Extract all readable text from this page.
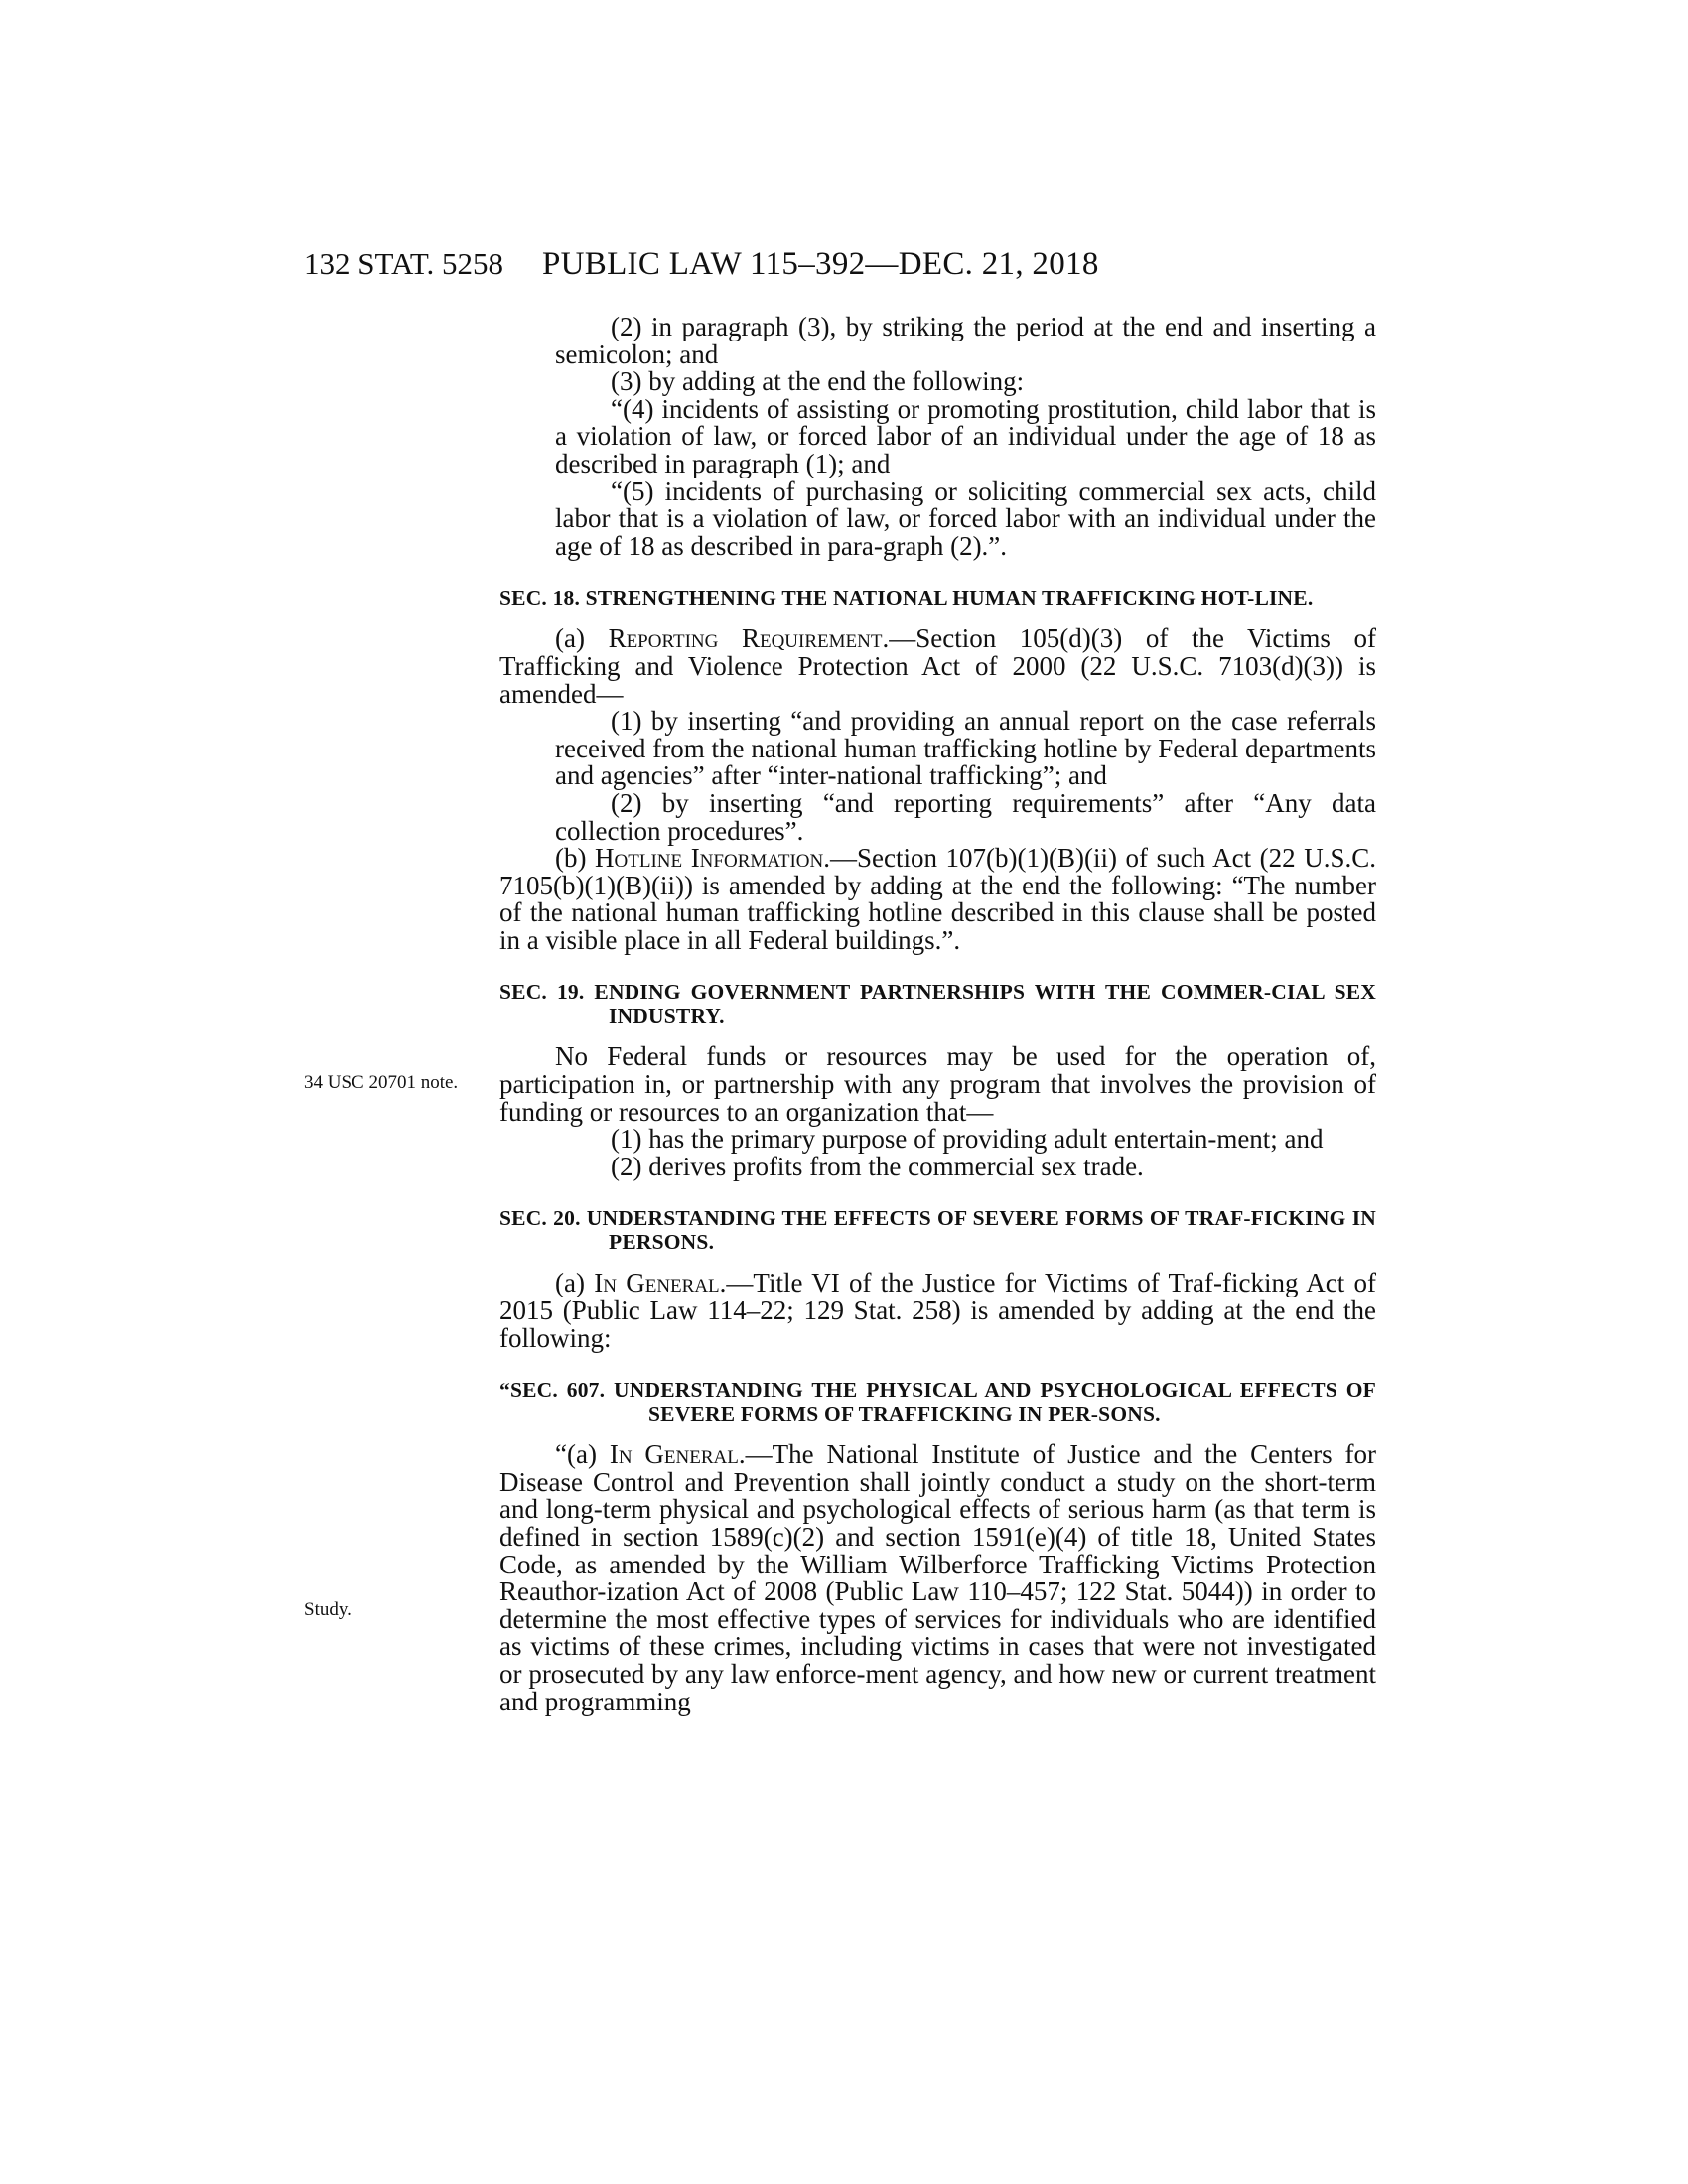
132 STAT. 5258 PUBLIC LAW 115–392—DEC. 21, 2018
34 USC 20701 note.
Study.

(2) in paragraph (3), by striking the period at the end and inserting a semicolon; and

(3) by adding at the end the following:

“(4) incidents of assisting or promoting prostitution, child labor that is a violation of law, or forced labor of an individual under the age of 18 as described in paragraph (1); and

“(5) incidents of purchasing or soliciting commercial sex acts, child labor that is a violation of law, or forced labor with an individual under the age of 18 as described in para-graph (2).”.

SEC. 18. STRENGTHENING THE NATIONAL HUMAN TRAFFICKING HOT-LINE.

(a) Reporting Requirement.—Section 105(d)(3) of the Victims of Trafficking and Violence Protection Act of 2000 (22 U.S.C. 7103(d)(3)) is amended—

(1) by inserting “and providing an annual report on the case referrals received from the national human trafficking hotline by Federal departments and agencies” after “inter-national trafficking”; and

(2) by inserting “and reporting requirements” after “Any data collection procedures”.

(b) Hotline Information.—Section 107(b)(1)(B)(ii) of such Act (22 U.S.C. 7105(b)(1)(B)(ii)) is amended by adding at the end the following: “The number of the national human trafficking hotline described in this clause shall be posted in a visible place in all Federal buildings.”.

SEC. 19. ENDING GOVERNMENT PARTNERSHIPS WITH THE COMMER-CIAL SEX INDUSTRY.

No Federal funds or resources may be used for the operation of, participation in, or partnership with any program that involves the provision of funding or resources to an organization that—

(1) has the primary purpose of providing adult entertain-ment; and

(2) derives profits from the commercial sex trade.

SEC. 20. UNDERSTANDING THE EFFECTS OF SEVERE FORMS OF TRAF-FICKING IN PERSONS.

(a) In General.—Title VI of the Justice for Victims of Traf-ficking Act of 2015 (Public Law 114–22; 129 Stat. 258) is amended by adding at the end the following:

“SEC. 607. UNDERSTANDING THE PHYSICAL AND PSYCHOLOGICAL EFFECTS OF SEVERE FORMS OF TRAFFICKING IN PER-SONS.

“(a) In General.—The National Institute of Justice and the Centers for Disease Control and Prevention shall jointly conduct a study on the short-term and long-term physical and psychological effects of serious harm (as that term is defined in section 1589(c)(2) and section 1591(e)(4) of title 18, United States Code, as amended by the William Wilberforce Trafficking Victims Protection Reauthor-ization Act of 2008 (Public Law 110–457; 122 Stat. 5044)) in order to determine the most effective types of services for individuals who are identified as victims of these crimes, including victims in cases that were not investigated or prosecuted by any law enforce-ment agency, and how new or current treatment and programming
